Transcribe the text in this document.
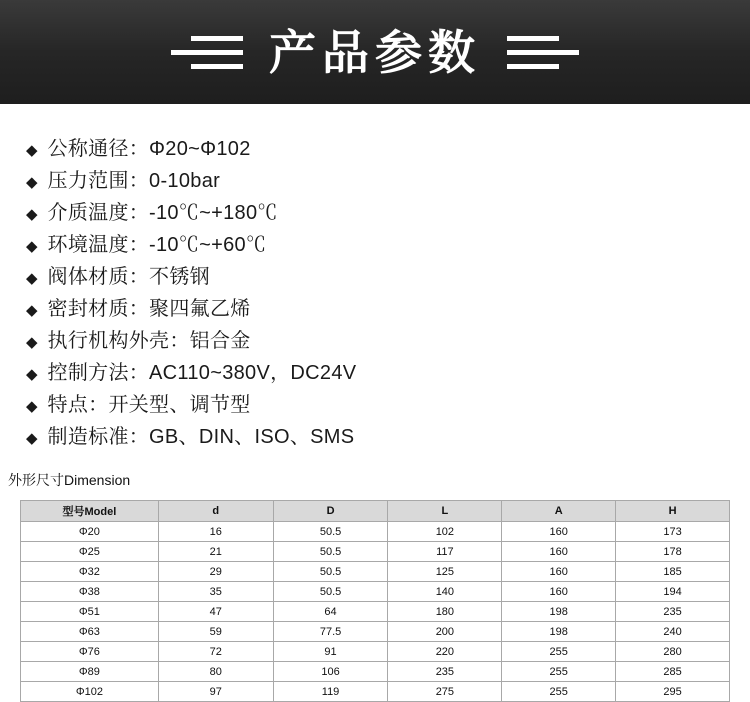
产品参数
◆ 公称通径：Φ20~Φ102
◆ 压力范围：0-10bar
◆ 介质温度：-10℃~+180℃
◆ 环境温度：-10℃~+60℃
◆ 阀体材质：不锈钢
◆ 密封材质：聚四氟乙烯
◆ 执行机构外壳：铝合金
◆ 控制方法：AC110~380V，DC24V
◆ 特点：开关型、调节型
◆ 制造标准：GB、DIN、ISO、SMS
外形尺寸Dimension
型号Model	d	D	L	A	H
Φ20	16	50.5	102	160	173
Φ25	21	50.5	117	160	178
Φ32	29	50.5	125	160	185
Φ38	35	50.5	140	160	194
Φ51	47	64	180	198	235
Φ63	59	77.5	200	198	240
Φ76	72	91	220	255	280
Φ89	80	106	235	255	285
Φ102	97	119	275	255	295
